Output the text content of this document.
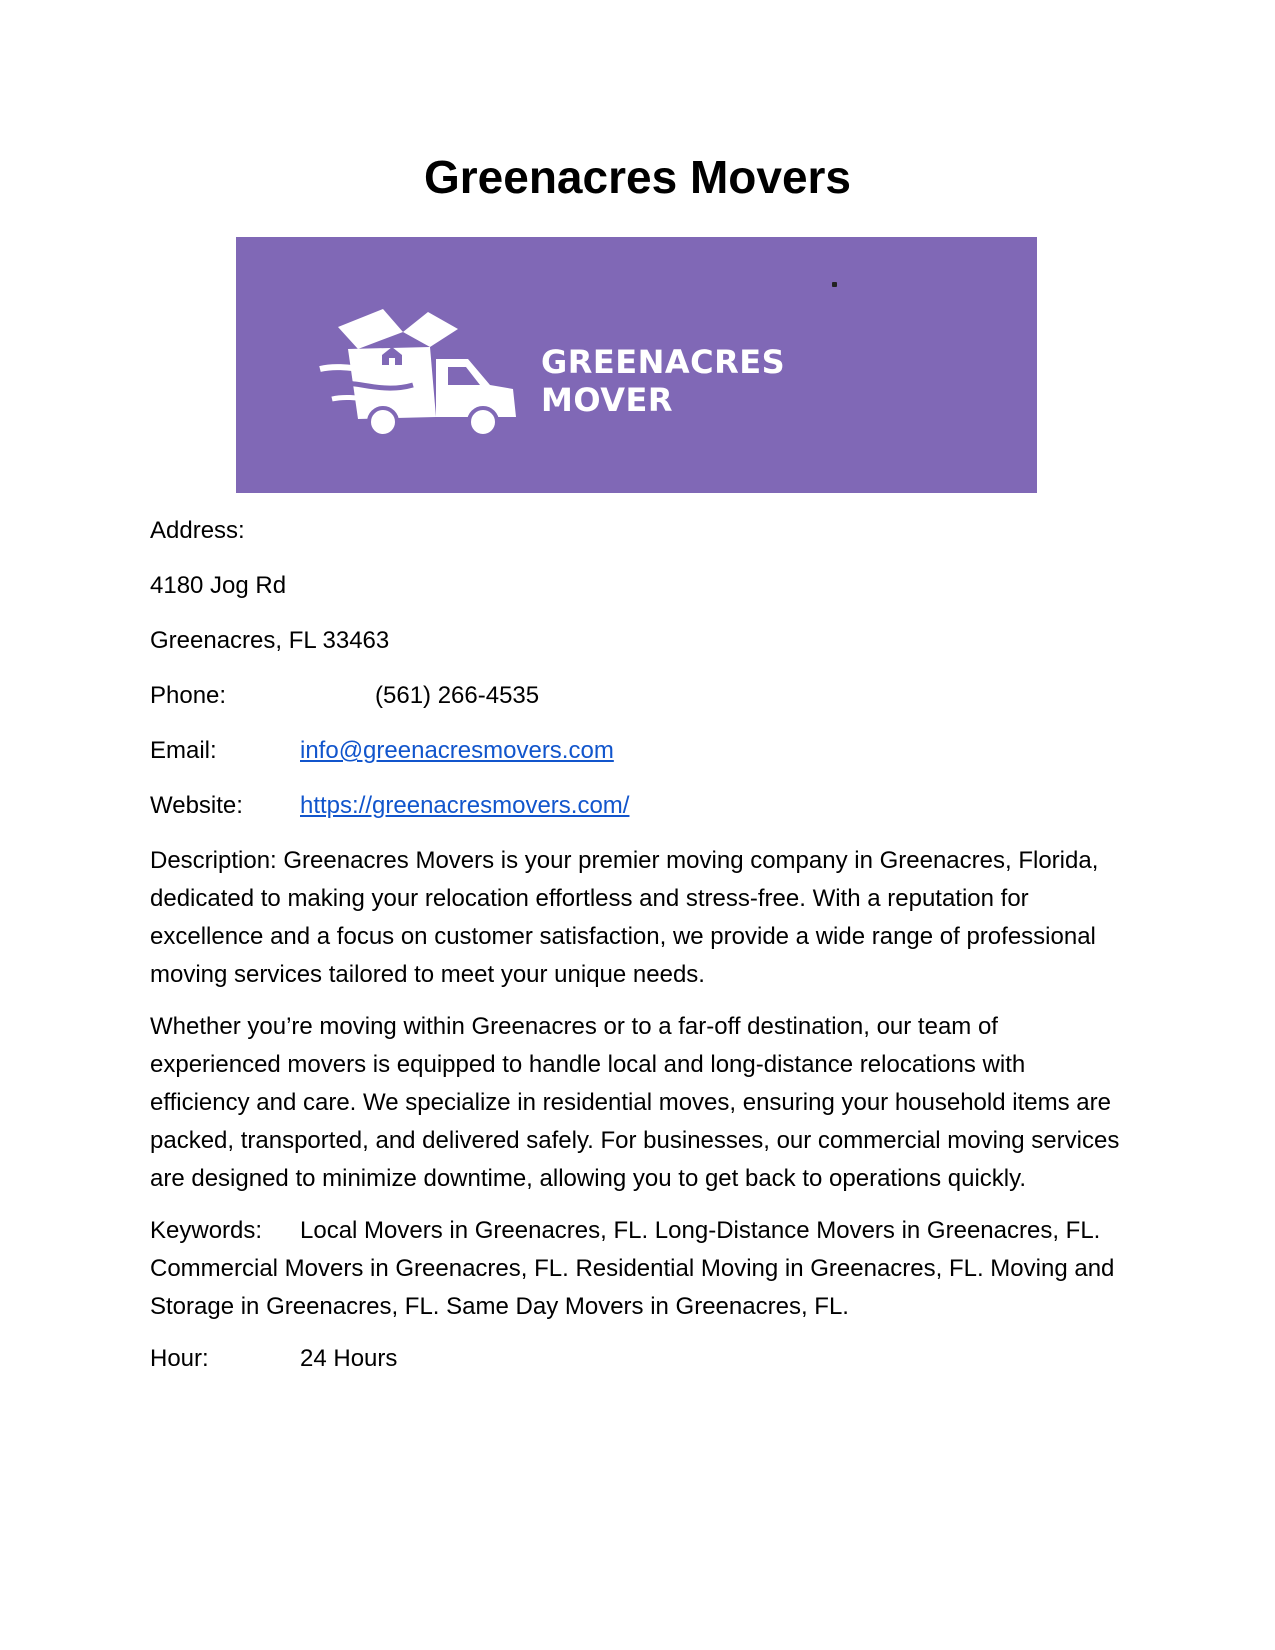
Greenacres Movers
GREENACRES
MOVER
Address:
4180 Jog Rd
Greenacres, FL 33463
Phone:	(561) 266-4535
Email:	info@greenacresmovers.com
Website: https://greenacresmovers.com/

Description: Greenacres Movers is your premier moving company in Greenacres, Florida, dedicated to making your relocation effortless and stress-free. With a reputation for excellence and a focus on customer satisfaction, we provide a wide range of professional moving services tailored to meet your unique needs.

Whether you’re moving within Greenacres or to a far-off destination, our team of experienced movers is equipped to handle local and long-distance relocations with efficiency and care. We specialize in residential moves, ensuring your household items are packed, transported, and delivered safely. For businesses, our commercial moving services are designed to minimize downtime, allowing you to get back to operations quickly.

Keywords: Local Movers in Greenacres, FL. Long-Distance Movers in Greenacres, FL. Commercial Movers in Greenacres, FL. Residential Moving in Greenacres, FL. Moving and Storage in Greenacres, FL. Same Day Movers in Greenacres, FL.

Hour:	24 Hours
